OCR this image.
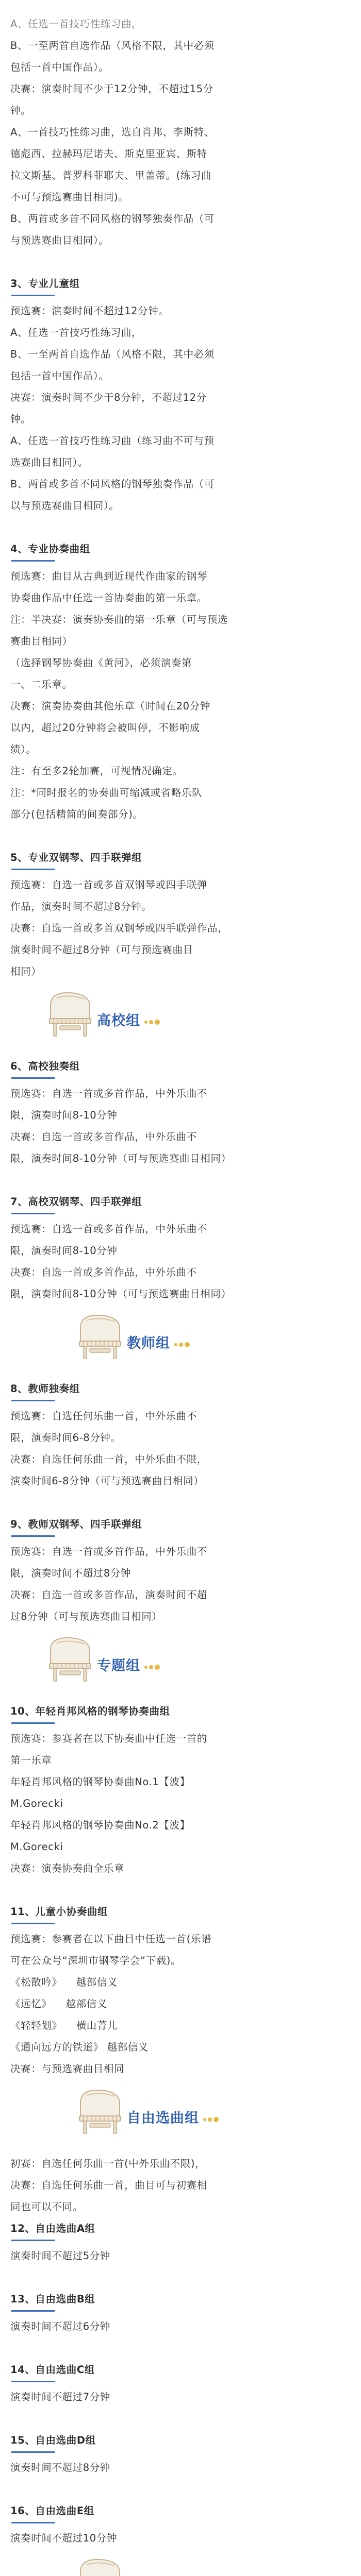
A、任选一首技巧性练习曲，
B、一至两首自选作品（风格不限，其中必须
包括一首中国作品）。
决赛：演奏时间不少于12分钟，不超过15分
钟。
A、一首技巧性练习曲，选自肖邦、李斯特、
德彪西、拉赫玛尼诺夫、斯克里亚宾、斯特
拉文斯基、普罗科菲耶夫、里盖蒂。(练习曲
不可与预选赛曲目相同)。
B、两首或多首不同风格的钢琴独奏作品（可
与预选赛曲目相同）。
3、专业儿童组
预选赛：演奏时间不超过12分钟。
A、任选一首技巧性练习曲，
B、一至两首自选作品（风格不限，其中必须
包括一首中国作品）。
决赛：演奏时间不少于8分钟，不超过12分
钟。
A、任选一首技巧性练习曲（练习曲不可与预
选赛曲目相同）。
B、两首或多首不同风格的钢琴独奏作品（可
以与预选赛曲目相同）。
4、专业协奏曲组
预选赛：曲目从古典到近现代作曲家的钢琴
协奏曲作品中任选一首协奏曲的第一乐章。
注：半决赛：演奏协奏曲的第一乐章（可与预选
赛曲目相同）
（选择钢琴协奏曲《黄河》，必须演奏第
一、二乐章。
决赛：演奏协奏曲其他乐章（时间在20分钟
以内，超过20分钟将会被叫停，不影响成
绩）。
注：有至多2轮加赛，可视情况确定。
注：*同时报名的协奏曲可缩减或省略乐队
部分(包括精简的间奏部分)。
5、专业双钢琴、四手联弹组
预选赛：自选一首或多首双钢琴或四手联弹
作品，演奏时间不超过8分钟。
决赛：自选一首或多首双钢琴或四手联弹作品，
演奏时间不超过8分钟（可与预选赛曲目
相同）
高校组
6、高校独奏组
预选赛：自选一首或多首作品，中外乐曲不
限，演奏时间8-10分钟
决赛：自选一首或多首作品，中外乐曲不
限，演奏时间8-10分钟（可与预选赛曲目相同）
7、高校双钢琴、四手联弹组
预选赛：自选一首或多首作品，中外乐曲不
限，演奏时间8-10分钟
决赛：自选一首或多首作品，中外乐曲不
限，演奏时间8-10分钟（可与预选赛曲目相同）
教师组
8、教师独奏组
预选赛：自选任何乐曲一首，中外乐曲不
限，演奏时间6-8分钟。
决赛：自选任何乐曲一首，中外乐曲不限，
演奏时间6-8分钟（可与预选赛曲目相同）
9、教师双钢琴、四手联弹组
预选赛：自选一首或多首作品，中外乐曲不
限，演奏时间不超过8分钟
决赛：自选一首或多首作品，演奏时间不超
过8分钟（可与预选赛曲目相同）
专题组
10、年轻肖邦风格的钢琴协奏曲组
预选赛：参赛者在以下协奏曲中任选一首的
第一乐章
年轻肖邦风格的钢琴协奏曲No.1【波】
M.Gorecki
年轻肖邦风格的钢琴协奏曲No.2【波】
M.Gorecki
决赛：演奏协奏曲全乐章
11、儿童小协奏曲组
预选赛：参赛者在以下曲目中任选一首(乐谱
可在公众号“深圳市钢琴学会”下载)。
《松散吟》    越部信义
《远忆》    越部信义
《轻轻划》    横山菁儿
《通向远方的铁道》 越部信义
决赛：与预选赛曲目相同
自由选曲组
初赛：自选任何乐曲一首(中外乐曲不限)，
决赛：自选任何乐曲一首，曲目可与初赛相
同也可以不同。
12、自由选曲A组
演奏时间不超过5分钟
13、自由选曲B组
演奏时间不超过6分钟
14、自由选曲C组
演奏时间不超过7分钟
15、自由选曲D组
演奏时间不超过8分钟
16、自由选曲E组
演奏时间不超过10分钟
